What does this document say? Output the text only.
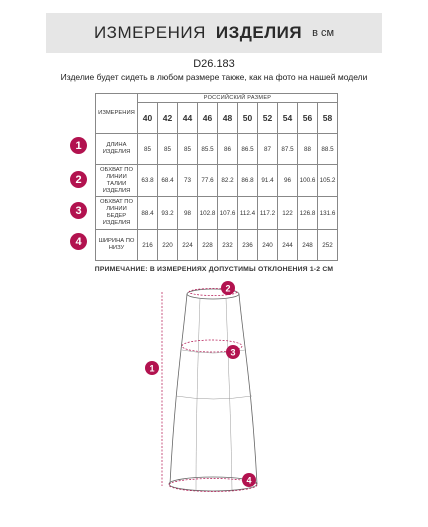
ИЗМЕРЕНИЯ ИЗДЕЛИЯ в см
D26.183
Изделие будет сидеть в любом размере также, как на фото на нашей модели
ИЗМЕРЕНИЯ	РОССИЙСКИЙ РАЗМЕР									
	40	42	44	46	48	50	52	54	56	58
ДЛИНА ИЗДЕЛИЯ	85	85	85	85.5	86	86.5	87	87.5	88	88.5
ОБХВАТ ПО ЛИНИИ ТАЛИИ ИЗДЕЛИЯ	63.8	68.4	73	77.6	82.2	86.8	91.4	96	100.6	105.2
ОБХВАТ ПО ЛИНИИ БЕДЕР ИЗДЕЛИЯ	88.4	93.2	98	102.8	107.6	112.4	117.2	122	126.8	131.6
ШИРИНА ПО НИЗУ	216	220	224	228	232	236	240	244	248	252
1
2
3
4
ПРИМЕЧАНИЕ: В ИЗМЕРЕНИЯХ ДОПУСТИМЫ ОТКЛОНЕНИЯ 1-2 СМ
1
2
3
4
